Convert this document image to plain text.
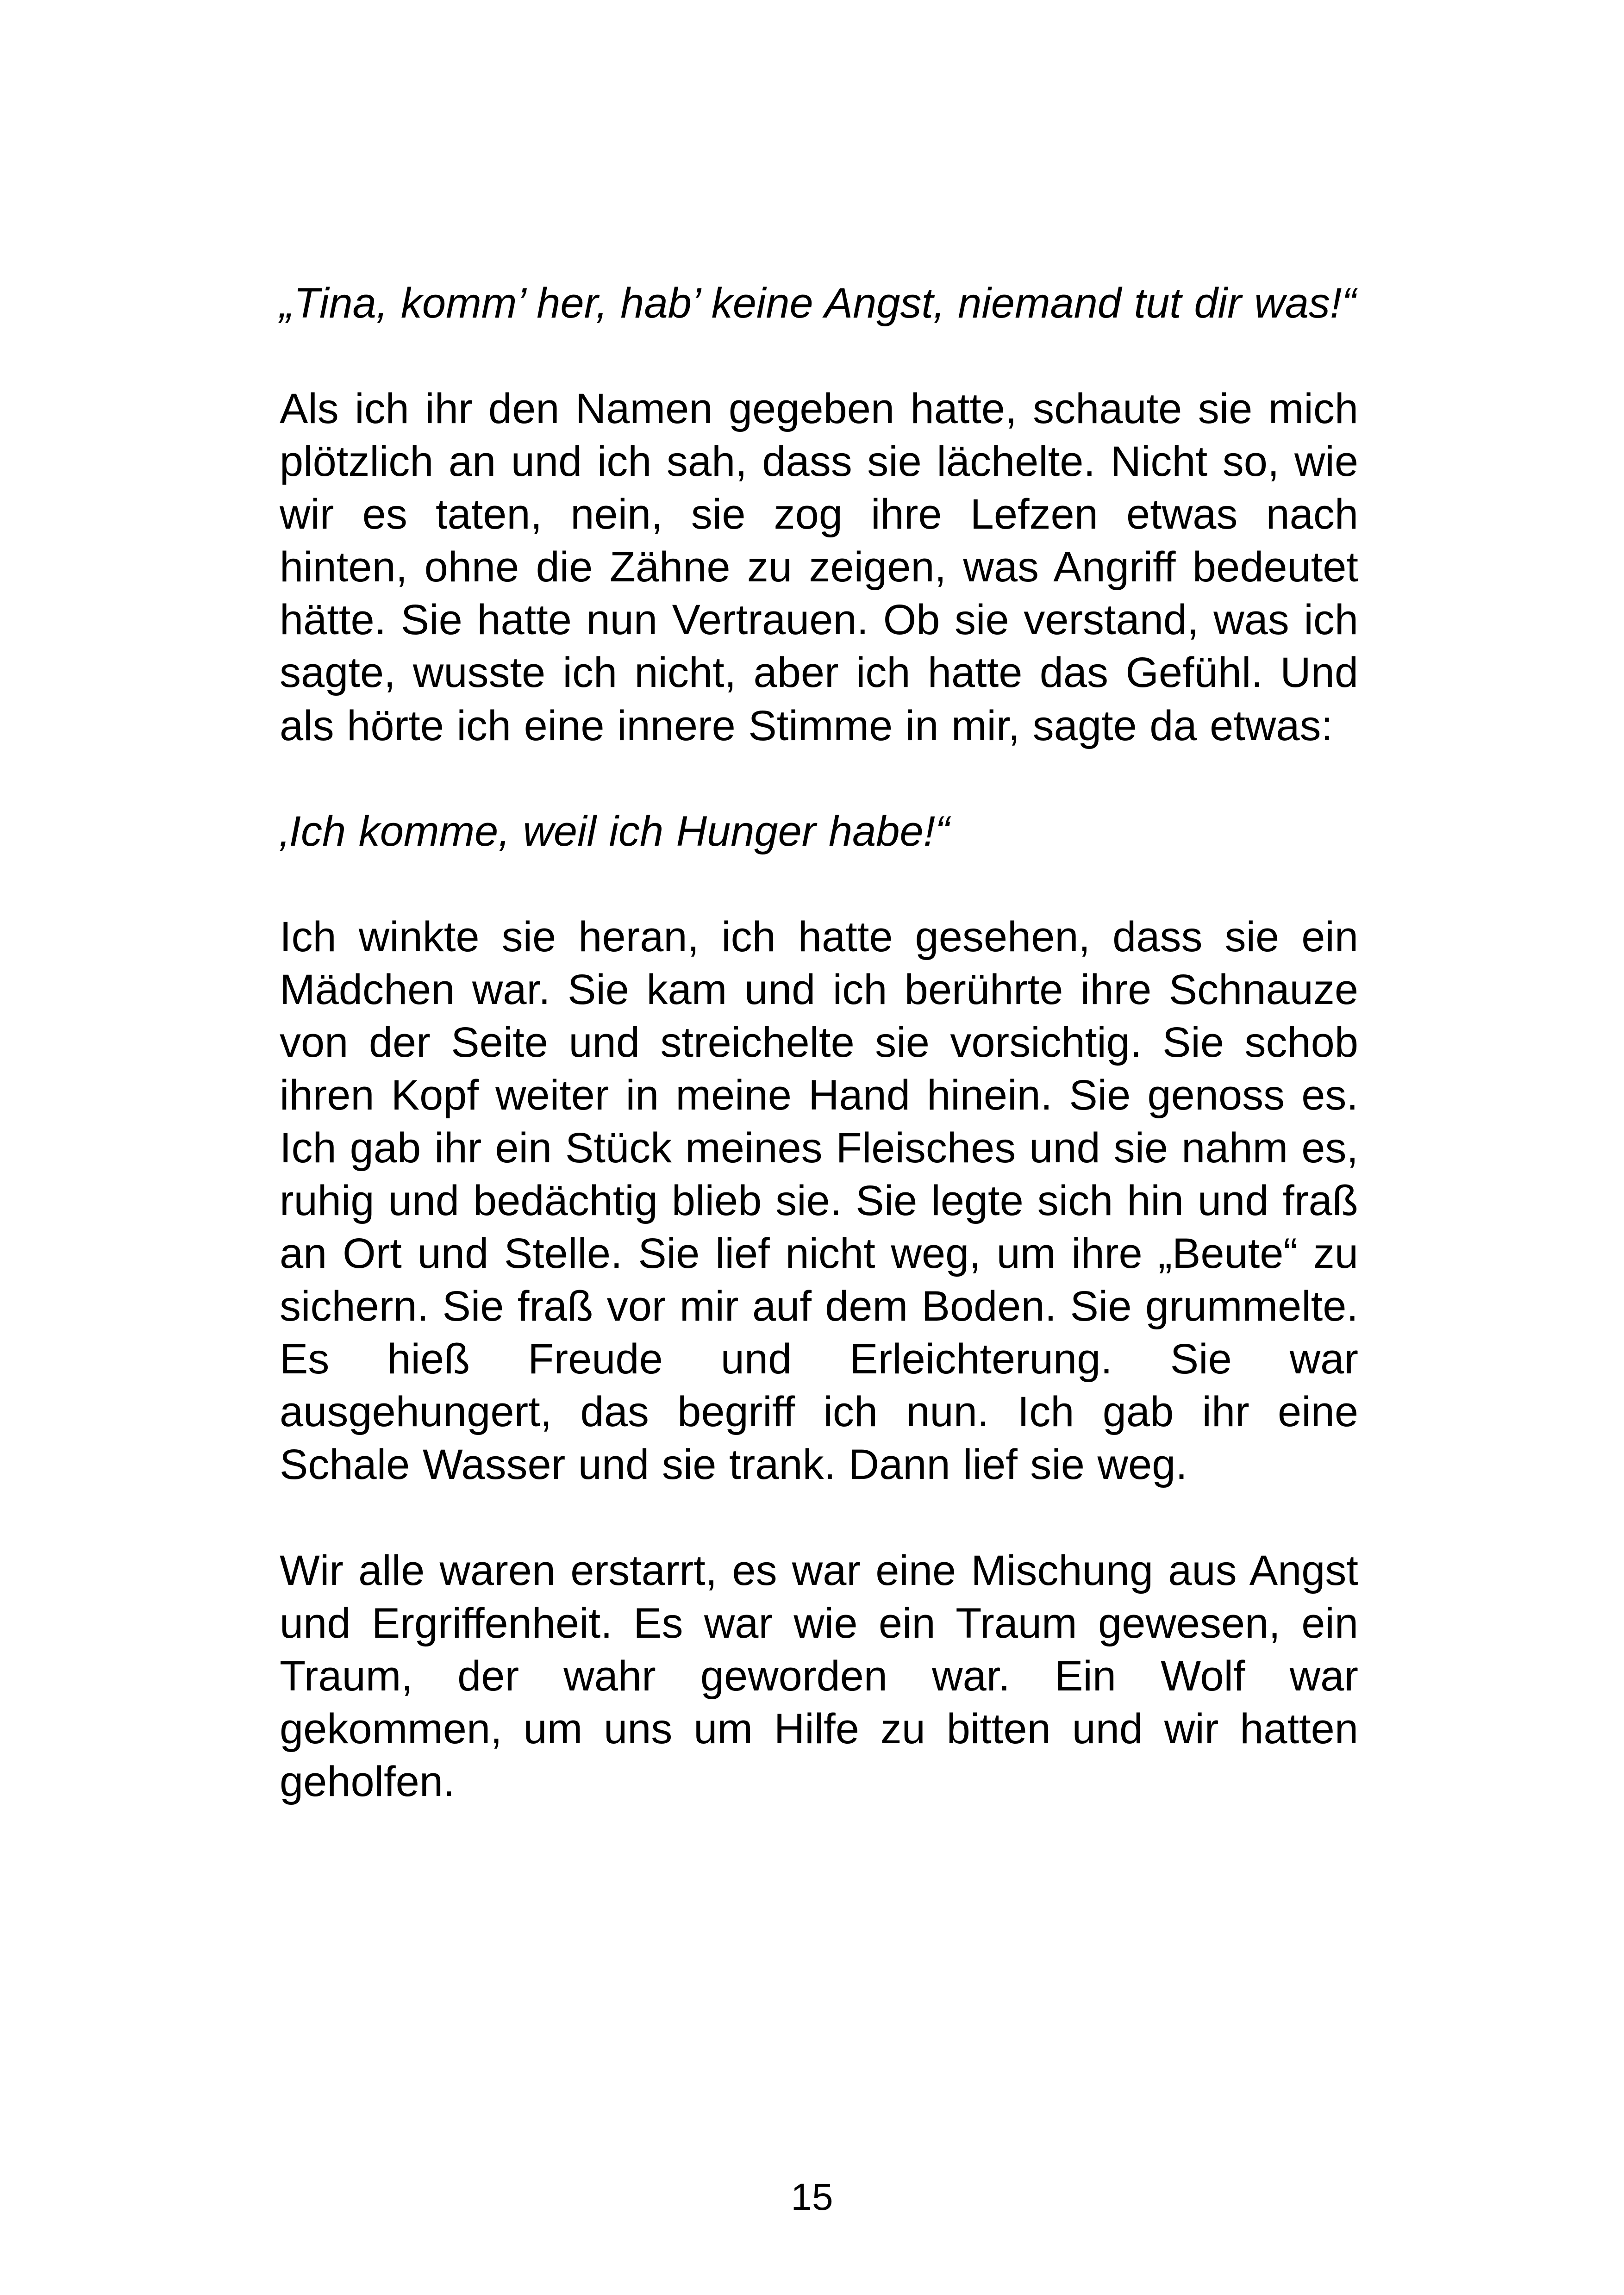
„Tina, komm’ her, hab’ keine Angst, niemand tut dir was!“

Als ich ihr den Namen gegeben hatte, schaute sie mich plötzlich an und ich sah, dass sie lächelte. Nicht so, wie wir es taten, nein, sie zog ihre Lefzen etwas nach hinten, ohne die Zähne zu zeigen, was Angriff bedeutet hätte. Sie hatte nun Vertrauen. Ob sie verstand, was ich sagte, wusste ich nicht, aber ich hatte das Gefühl. Und als hörte ich eine innere Stimme in mir, sagte da etwas:

‚Ich komme, weil ich Hunger habe!“

Ich winkte sie heran, ich hatte gesehen, dass sie ein Mädchen war. Sie kam und ich berührte ihre Schnauze von der Seite und streichelte sie vorsichtig. Sie schob ihren Kopf weiter in meine Hand hinein. Sie genoss es. Ich gab ihr ein Stück meines Fleisches und sie nahm es, ruhig und bedächtig blieb sie. Sie legte sich hin und fraß an Ort und Stelle. Sie lief nicht weg, um ihre „Beute“ zu sichern. Sie fraß vor mir auf dem Boden. Sie grummelte. Es hieß Freude und Erleichterung. Sie war ausgehungert, das begriff ich nun. Ich gab ihr eine Schale Wasser und sie trank. Dann lief sie weg.

Wir alle waren erstarrt, es war eine Mischung aus Angst und Ergriffenheit. Es war wie ein Traum gewesen, ein Traum, der wahr geworden war. Ein Wolf war gekommen, um uns um Hilfe zu bitten und wir hatten geholfen.

15
